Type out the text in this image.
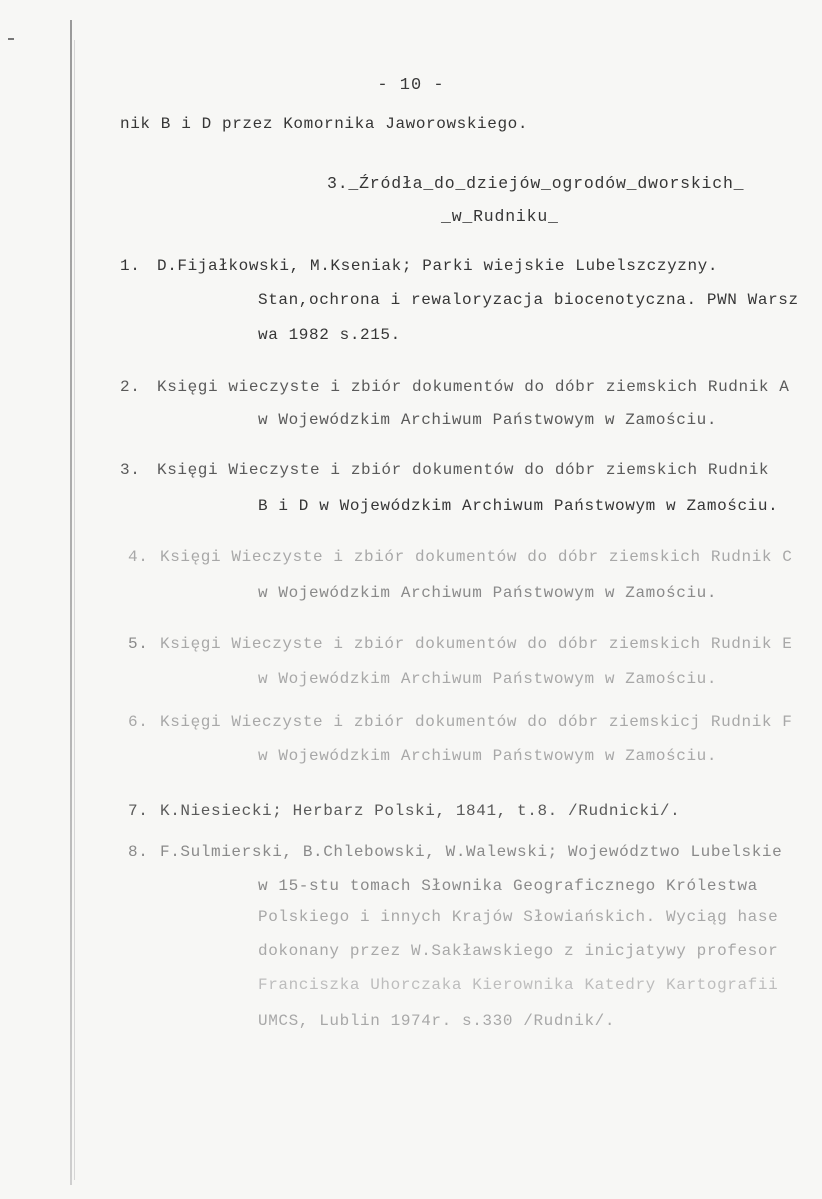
- 10 -
nik B i D przez Komornika Jaworowskiego.
3._Źródła_do_dziejów_ogrodów_dworskich_
_w_Rudniku_
1. D.Fijałkowski, M.Kseniak; Parki wiejskie Lubelszczyzny.
Stan,ochrona i rewaloryzacja biocenotyczna. PWN Warsz
wa 1982 s.215.
2. Księgi wieczyste i zbiór dokumentów do dóbr ziemskich Rudnik A
w Wojewódzkim Archiwum Państwowym w Zamościu.
3. Księgi Wieczyste i zbiór dokumentów do dóbr ziemskich Rudnik
B i D w Wojewódzkim Archiwum Państwowym w Zamościu.
4. Księgi Wieczyste i zbiór dokumentów do dóbr ziemskich Rudnik C
w Wojewódzkim Archiwum Państwowym w Zamościu.
5. Księgi Wieczyste i zbiór dokumentów do dóbr ziemskich Rudnik E
w Wojewódzkim Archiwum Państwowym w Zamościu.
6. Księgi Wieczyste i zbiór dokumentów do dóbr ziemskicj Rudnik F
w Wojewódzkim Archiwum Państwowym w Zamościu.
7. K.Niesiecki; Herbarz Polski, 1841, t.8. /Rudnicki/.
8. F.Sulmierski, B.Chlebowski, W.Walewski; Województwo Lubelskie
w 15-stu tomach Słownika Geograficznego Królestwa
Polskiego i innych Krajów Słowiańskich. Wyciąg hase
dokonany przez W.Sakławskiego z inicjatywy profesor
Franciszka Uhorczaka Kierownika Katedry Kartografii
UMCS, Lublin 1974r. s.330 /Rudnik/.
